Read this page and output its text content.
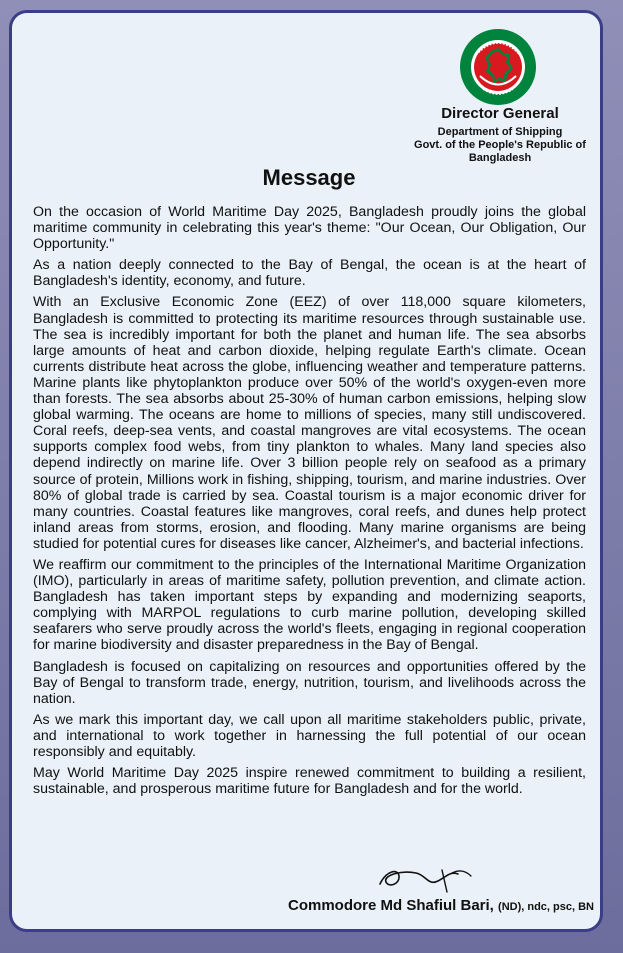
Director General
Department of Shipping
Govt. of the People's Republic of Bangladesh
Message

On the occasion of World Maritime Day 2025, Bangladesh proudly joins the global maritime community in celebrating this year's theme: "Our Ocean, Our Obligation, Our Opportunity."

As a nation deeply connected to the Bay of Bengal, the ocean is at the heart of Bangladesh's identity, economy, and future.

With an Exclusive Economic Zone (EEZ) of over 118,000 square kilometers, Bangladesh is committed to protecting its maritime resources through sustainable use. The sea is incredibly important for both the planet and human life. The sea absorbs large amounts of heat and carbon dioxide, helping regulate Earth's climate. Ocean currents distribute heat across the globe, influencing weather and temperature patterns. Marine plants like phytoplankton produce over 50% of the world's oxygen-even more than forests. The sea absorbs about 25-30% of human carbon emissions, helping slow global warming. The oceans are home to millions of species, many still undiscovered. Coral reefs, deep-sea vents, and coastal mangroves are vital ecosystems. The ocean supports complex food webs, from tiny plankton to whales. Many land species also depend indirectly on marine life. Over 3 billion people rely on seafood as a primary source of protein, Millions work in fishing, shipping, tourism, and marine industries. Over 80% of global trade is carried by sea. Coastal tourism is a major economic driver for many countries. Coastal features like mangroves, coral reefs, and dunes help protect inland areas from storms, erosion, and flooding. Many marine organisms are being studied for potential cures for diseases like cancer, Alzheimer's, and bacterial infections.

We reaffirm our commitment to the principles of the International Maritime Organization (IMO), particularly in areas of maritime safety, pollution prevention, and climate action. Bangladesh has taken important steps by expanding and modernizing seaports, complying with MARPOL regulations to curb marine pollution, developing skilled seafarers who serve proudly across the world's fleets, engaging in regional cooperation for marine biodiversity and disaster preparedness in the Bay of Bengal.

Bangladesh is focused on capitalizing on resources and opportunities offered by the Bay of Bengal to transform trade, energy, nutrition, tourism, and livelihoods across the nation.

As we mark this important day, we call upon all maritime stakeholders public, private, and international to work together in harnessing the full potential of our ocean responsibly and equitably.

May World Maritime Day 2025 inspire renewed commitment to building a resilient, sustainable, and prosperous maritime future for Bangladesh and for the world.

Commodore Md Shafiul Bari, (ND), ndc, psc, BN
